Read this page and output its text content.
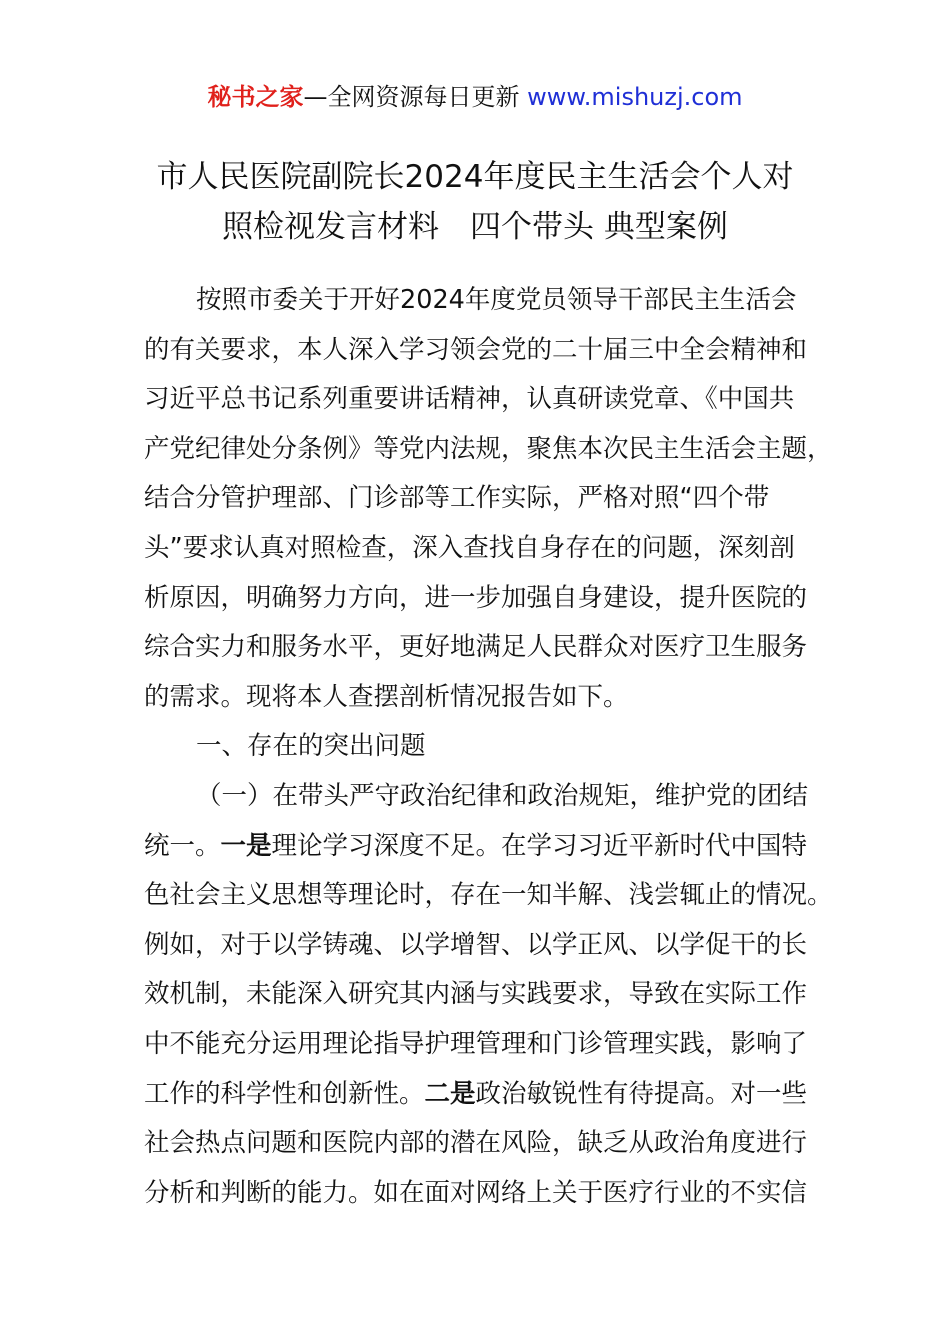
秘书之家—全网资源每日更新 www.mishuzj.com
市人民医院副院长2024年度民主生活会个人对
照检视发言材料　四个带头 典型案例
按照市委关于开好2024年度党员领导干部民主生活会
的有关要求，本人深入学习领会党的二十届三中全会精神和
习近平总书记系列重要讲话精神，认真研读党章、《中国共
产党纪律处分条例》等党内法规，聚焦本次民主生活会主题，
结合分管护理部、门诊部等工作实际，严格对照“四个带
头”要求认真对照检查，深入查找自身存在的问题，深刻剖
析原因，明确努力方向，进一步加强自身建设，提升医院的
综合实力和服务水平，更好地满足人民群众对医疗卫生服务
的需求。现将本人查摆剖析情况报告如下。
一、存在的突出问题
（一）在带头严守政治纪律和政治规矩，维护党的团结
统一。一是理论学习深度不足。在学习习近平新时代中国特
色社会主义思想等理论时，存在一知半解、浅尝辄止的情况。
例如，对于以学铸魂、以学增智、以学正风、以学促干的长
效机制，未能深入研究其内涵与实践要求，导致在实际工作
中不能充分运用理论指导护理管理和门诊管理实践，影响了
工作的科学性和创新性。二是政治敏锐性有待提高。对一些
社会热点问题和医院内部的潜在风险，缺乏从政治角度进行
分析和判断的能力。如在面对网络上关于医疗行业的不实信
